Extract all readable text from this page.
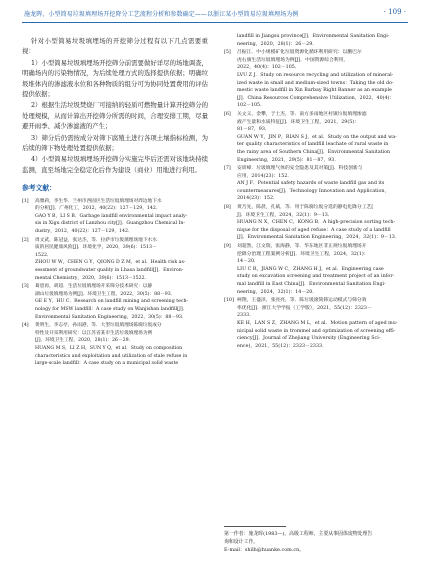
施龙晖，小型简易垃圾填埋场开挖降分工艺流程分析和参数确定——以浙江某小型简易垃圾填埋场为例	· 109 ·

针对小型简易垃圾填埋场的开挖筛分过程有以下几点需要重视：

1）小型简易垃圾填埋场开挖筛分前需要做好详尽的场地调查，明确场内的污染物情况，为后续处理方式的选择提供依据；明确垃圾堆体内的渗滤液水位和各种物质的组分可为协同处置费用的评估提供依据；

2）根据生活垃圾焚烧厂可接纳的轻质可燃物量计算开挖筛分的处理规模，从而计算出开挖筛分所需的时间，合理安排工期，尽量避开雨季、减少渗滤液的产生；

3）筛分后仍需按成分对筛下腐殖土进行各项土壤指标检测，为后续的筛下物处理处置提供依据；

4）小型简易垃圾填埋场开挖筛分实施完毕后还需对该地块持续监测，直至场地完全稳定化后作为建设（商业）用地进行利用。

参考文献：
[1] 高雅莉，李生华．兰州市西固区生活垃圾填埋场对周边地下水
的分析[J]．广州化工，2012，40(22)：127－129，142．
GAO Y B，LI S B．Garbage landfill environmental impact analy-
sis in Xigu district of Lanzhou city[J]．Guangzhou Chemical In-
dustry，2012，40(22)：127－129，142．
[2] 周文武，陈冠益，张达杰，等．拉萨市垃圾填埋场地下水水
质的居民健康风险[J]．环境化学，2020，39(6)：1513－
1522．
ZHOU W W，CHEN G Y，QIONG D Z M，et al．Health risk as-
sessment of groundwater quality in Lhasa landfill[J]．Environ-
mental Chemistry，2020，39(6)：1513－1522．
[3] 葛恩再，胡超．生活垃圾填埋场开采筛分技术研究：以静
湖山垃圾填埋场为例[J]．环境卫生工程，2022，30(5)：88－93．
GE E Y，HU C．Research on landfill mining and screening tech-
nology for MSW landfill：A case study on Wanjishan landfill[J]．
Environmental Sanitation Engineering，2022，30(5)：88－93．
[4] 黄明生，李志亭，孙雨港，等．大型垃圾填埋场陈腐垃圾成分
特性及开采利用研究：以江苏省某市生活垃圾填埋场为例
[J]．环境卫生工程，2020，28(1)：26－29．
HUANG M S，LI Z H，SUN Y Q，et al．Study on composition
characteristics and exploitation and utilization of stale refuse in
large-scale landfill：A case study on a municipal solid waste
landfill in Jiangsu province[J]．Environmental Sanitation Engi-
neering，2020，28(1)：26－29．
[5] 吕振江．中小规模矿化垃圾资源化循环利用研究：以鹏巴尔
虎右旗生活垃圾填埋场为例[J]．中国资源综合利用，
2022，40(4)：102－105．
LVU Z J．Study on resource recycling and utilization of mineral-
ized waste in small and medium-sized towns：Taking the old do-
mestic waste landfill in Xin Barbay Right Banner as an example
[J]．China Resources Comprehensive Utilization，2022，40(4)：
102－105．
[6] 关文义，金攀，于土杰，等．南方多雨地区村镇垃圾填埋渗滤
液产生量和水质特征[J]．环境卫生工程，2021，29(5)：
81－87，93．
GUAN W Y，JIN P，RIAN S J，et al．Study on the output and wa-
ter quality characteristics of landfill leachate of rural waste in
the rainy area of Southern China[J]．Environmental Sanitation
Engineering，2021，29(5)：81－87，93．
[7] 安训峰．垃圾填埋气体的安全隐患及其对策[J]．科技创新与
应用，2014(23)：152．
AN J F．Potential safety hazards of waste landfill gas and its
countermeasures[J]．Technology Innovation and Application，
2014(23)：152．
[8] 黄乃先，陈晨，孔斌，等．用于陈腐垃圾分选的静电化降分工艺[
J]．环境卫生工程，2024，32(1)：9－13．
HUANG N X，CHEN C，KONG B．A high-precision sorting tech-
nique for the disposal of aged refuse：A case study of a landfill
[J]．Environmental Sanitation Engineering，2024，32(1)：9－13．
[9] 刘超然，江文瑞，张海静，等．华东地区非正规垃圾填埋场开
挖降分治理工程案例分析[J]．环境卫生工程，2024，32(1)：
14－20．
LIU C R，JIANG W C，ZHANG H J，et al．Engineering case
study on excavation screening and treatment project of an infor-
mal landfill in East China[J]．Environmental Sanitation Engi-
neering，2024，32(1)：14－20．
[10] 柯翔，王盛泽，张亮亮，等．陈垃圾滚筒筛运动模式与筛分效
率优化[J]．浙江大学学报（工学版），2021，55(12)：2323－
2333．
KE H，LAN S Z，ZHANG M L，et al．Motion pattern of aged mu-
nicipal solid waste in trommel and optimization of screening effi-
ciency[J]．Journal of Zhejiang University (Engineering Sci-
ence)，2021，55(12)：2323－2333．
第一作者：施龙晖(1983—)，高级工程师，主要从事固体废物处理告
询和设计工作。
E-mail：shilh@huanke.com.cn。
